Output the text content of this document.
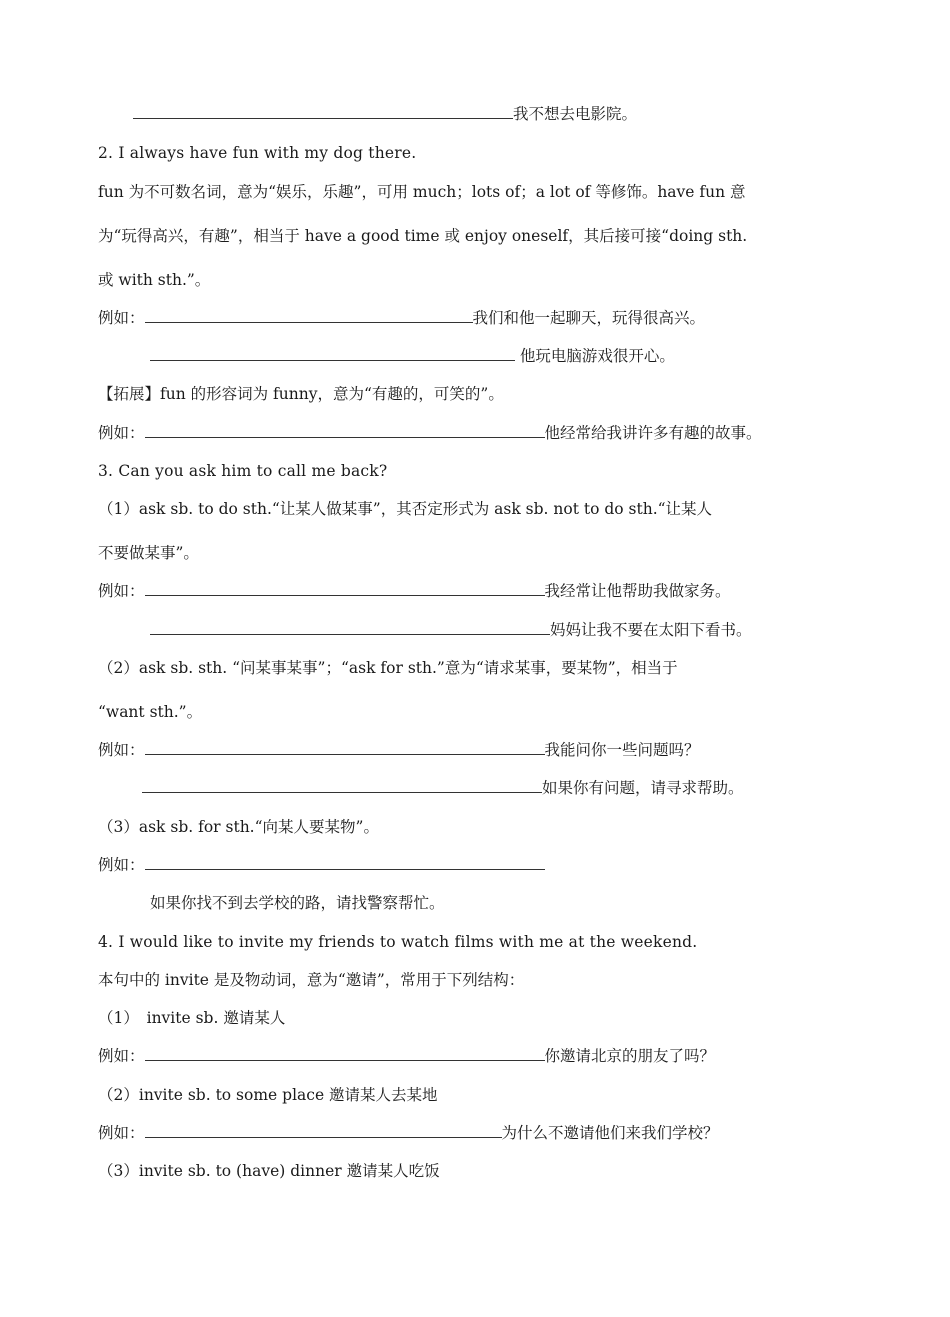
我不想去电影院。
2. I always have fun with my dog there.
fun 为不可数名词，意为“娱乐，乐趣”，可用 much；lots of；a lot of 等修饰。have fun 意
为“玩得高兴，有趣”，相当于 have a good time 或 enjoy oneself，其后接可接“doing sth.
或 with sth.”。
例如：	我们和他一起聊天，玩得很高兴。
他玩电脑游戏很开心。
【拓展】fun 的形容词为 funny，意为“有趣的，可笑的”。
例如：	他经常给我讲许多有趣的故事。
3. Can you ask him to call me back?
（1）ask sb. to do sth.“让某人做某事”，其否定形式为 ask sb. not to do sth.“让某人
不要做某事”。
例如：	我经常让他帮助我做家务。
妈妈让我不要在太阳下看书。
（2）ask sb. sth. “问某事某事”；“ask for sth.”意为“请求某事，要某物”，相当于
“want sth.”。
例如：	我能问你一些问题吗？
如果你有问题，请寻求帮助。
（3）ask sb. for sth.“向某人要某物”。
例如：
如果你找不到去学校的路，请找警察帮忙。
4. I would like to invite my friends to watch films with me at the weekend.
本句中的 invite 是及物动词，意为“邀请”，常用于下列结构：
（1）　invite sb. 邀请某人
例如：	你邀请北京的朋友了吗？
（2）invite sb. to some place 邀请某人去某地
例如：	为什么不邀请他们来我们学校？
（3）invite sb. to (have) dinner 邀请某人吃饭
